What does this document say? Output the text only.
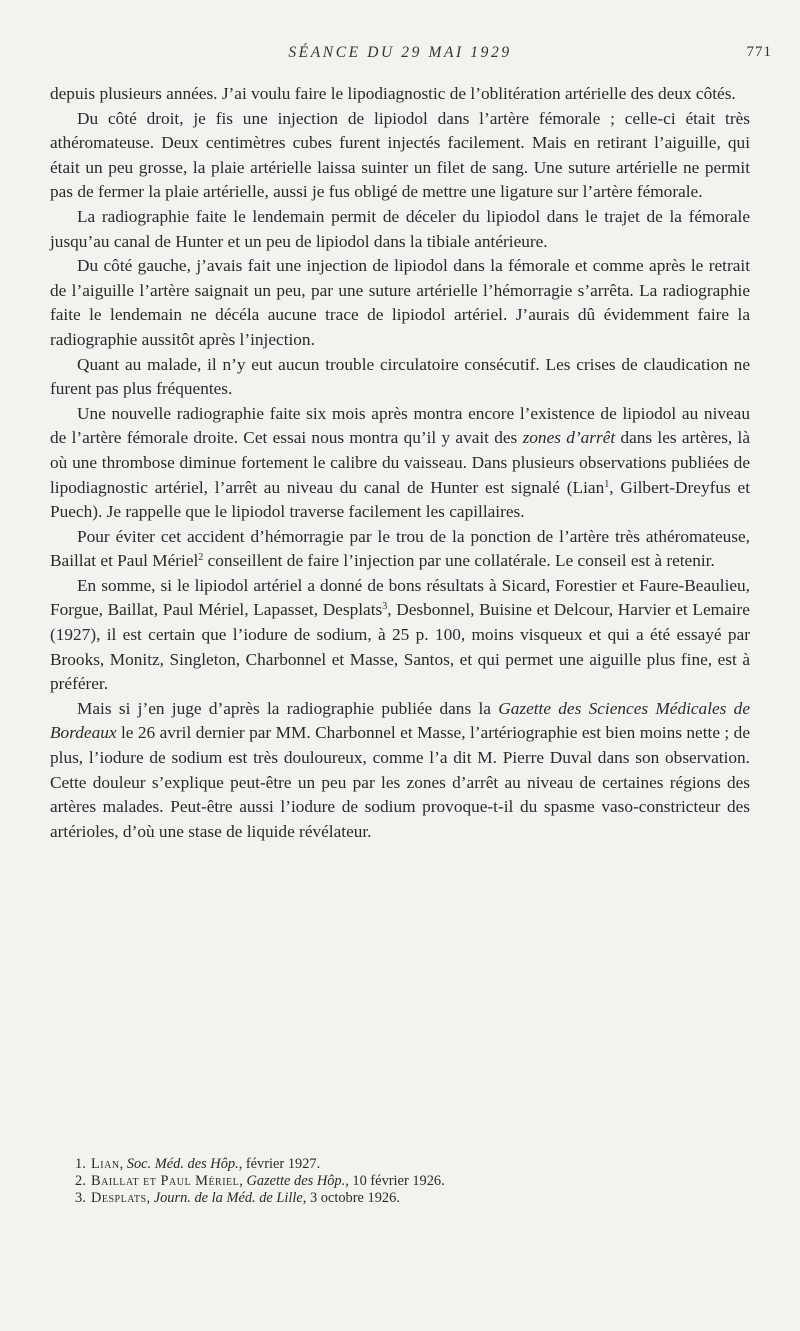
SÉANCE DU 29 MAI 1929	771

depuis plusieurs années. J’ai voulu faire le lipodiagnostic de l’oblitération artérielle des deux côtés.

Du côté droit, je fis une injection de lipiodol dans l’artère fémorale ; celle-ci était très athéromateuse. Deux centimètres cubes furent injectés facilement. Mais en retirant l’aiguille, qui était un peu grosse, la plaie artérielle laissa suinter un filet de sang. Une suture artérielle ne permit pas de fermer la plaie artérielle, aussi je fus obligé de mettre une ligature sur l’artère fémorale.

La radiographie faite le lendemain permit de déceler du lipiodol dans le trajet de la fémorale jusqu’au canal de Hunter et un peu de lipiodol dans la tibiale antérieure.

Du côté gauche, j’avais fait une injection de lipiodol dans la fémorale et comme après le retrait de l’aiguille l’artère saignait un peu, par une suture artérielle l’hémorragie s’arrêta. La radiographie faite le lendemain ne décéla aucune trace de lipiodol artériel. J’aurais dû évidemment faire la radiographie aussitôt après l’injection.

Quant au malade, il n’y eut aucun trouble circulatoire consécutif. Les crises de claudication ne furent pas plus fréquentes.

Une nouvelle radiographie faite six mois après montra encore l’existence de lipiodol au niveau de l’artère fémorale droite. Cet essai nous montra qu’il y avait des zones d’arrêt dans les artères, là où une thrombose diminue fortement le calibre du vaisseau. Dans plusieurs observations publiées de lipodiagnostic artériel, l’arrêt au niveau du canal de Hunter est signalé (Lian$^1$, Gilbert-Dreyfus et Puech). Je rappelle que le lipiodol traverse facilement les capillaires.

Pour éviter cet accident d’hémorragie par le trou de la ponction de l’artère très athéromateuse, Baillat et Paul Mériel$^2$ conseillent de faire l’injection par une collatérale. Le conseil est à retenir.

En somme, si le lipiodol artériel a donné de bons résultats à Sicard, Forestier et Faure-Beaulieu, Forgue, Baillat, Paul Mériel, Lapasset, Desplats$^3$, Desbonnel, Buisine et Delcour, Harvier et Lemaire (1927), il est certain que l’iodure de sodium, à 25 p. 100, moins visqueux et qui a été essayé par Brooks, Monitz, Singleton, Charbonnel et Masse, Santos, et qui permet une aiguille plus fine, est à préférer.

Mais si j’en juge d’après la radiographie publiée dans la Gazette des Sciences Médicales de Bordeaux le 26 avril dernier par MM. Charbonnel et Masse, l’artériographie est bien moins nette ; de plus, l’iodure de sodium est très douloureux, comme l’a dit M. Pierre Duval dans son observation. Cette douleur s’explique peut-être un peu par les zones d’arrêt au niveau de certaines régions des artères malades. Peut-être aussi l’iodure de sodium provoque-t-il du spasme vaso-constricteur des artérioles, d’où une stase de liquide révélateur.

1. Lian, Soc. Méd. des Hôp., février 1927.
2. Baillat et Paul Mériel, Gazette des Hôp., 10 février 1926.
3. Desplats, Journ. de la Méd. de Lille, 3 octobre 1926.
